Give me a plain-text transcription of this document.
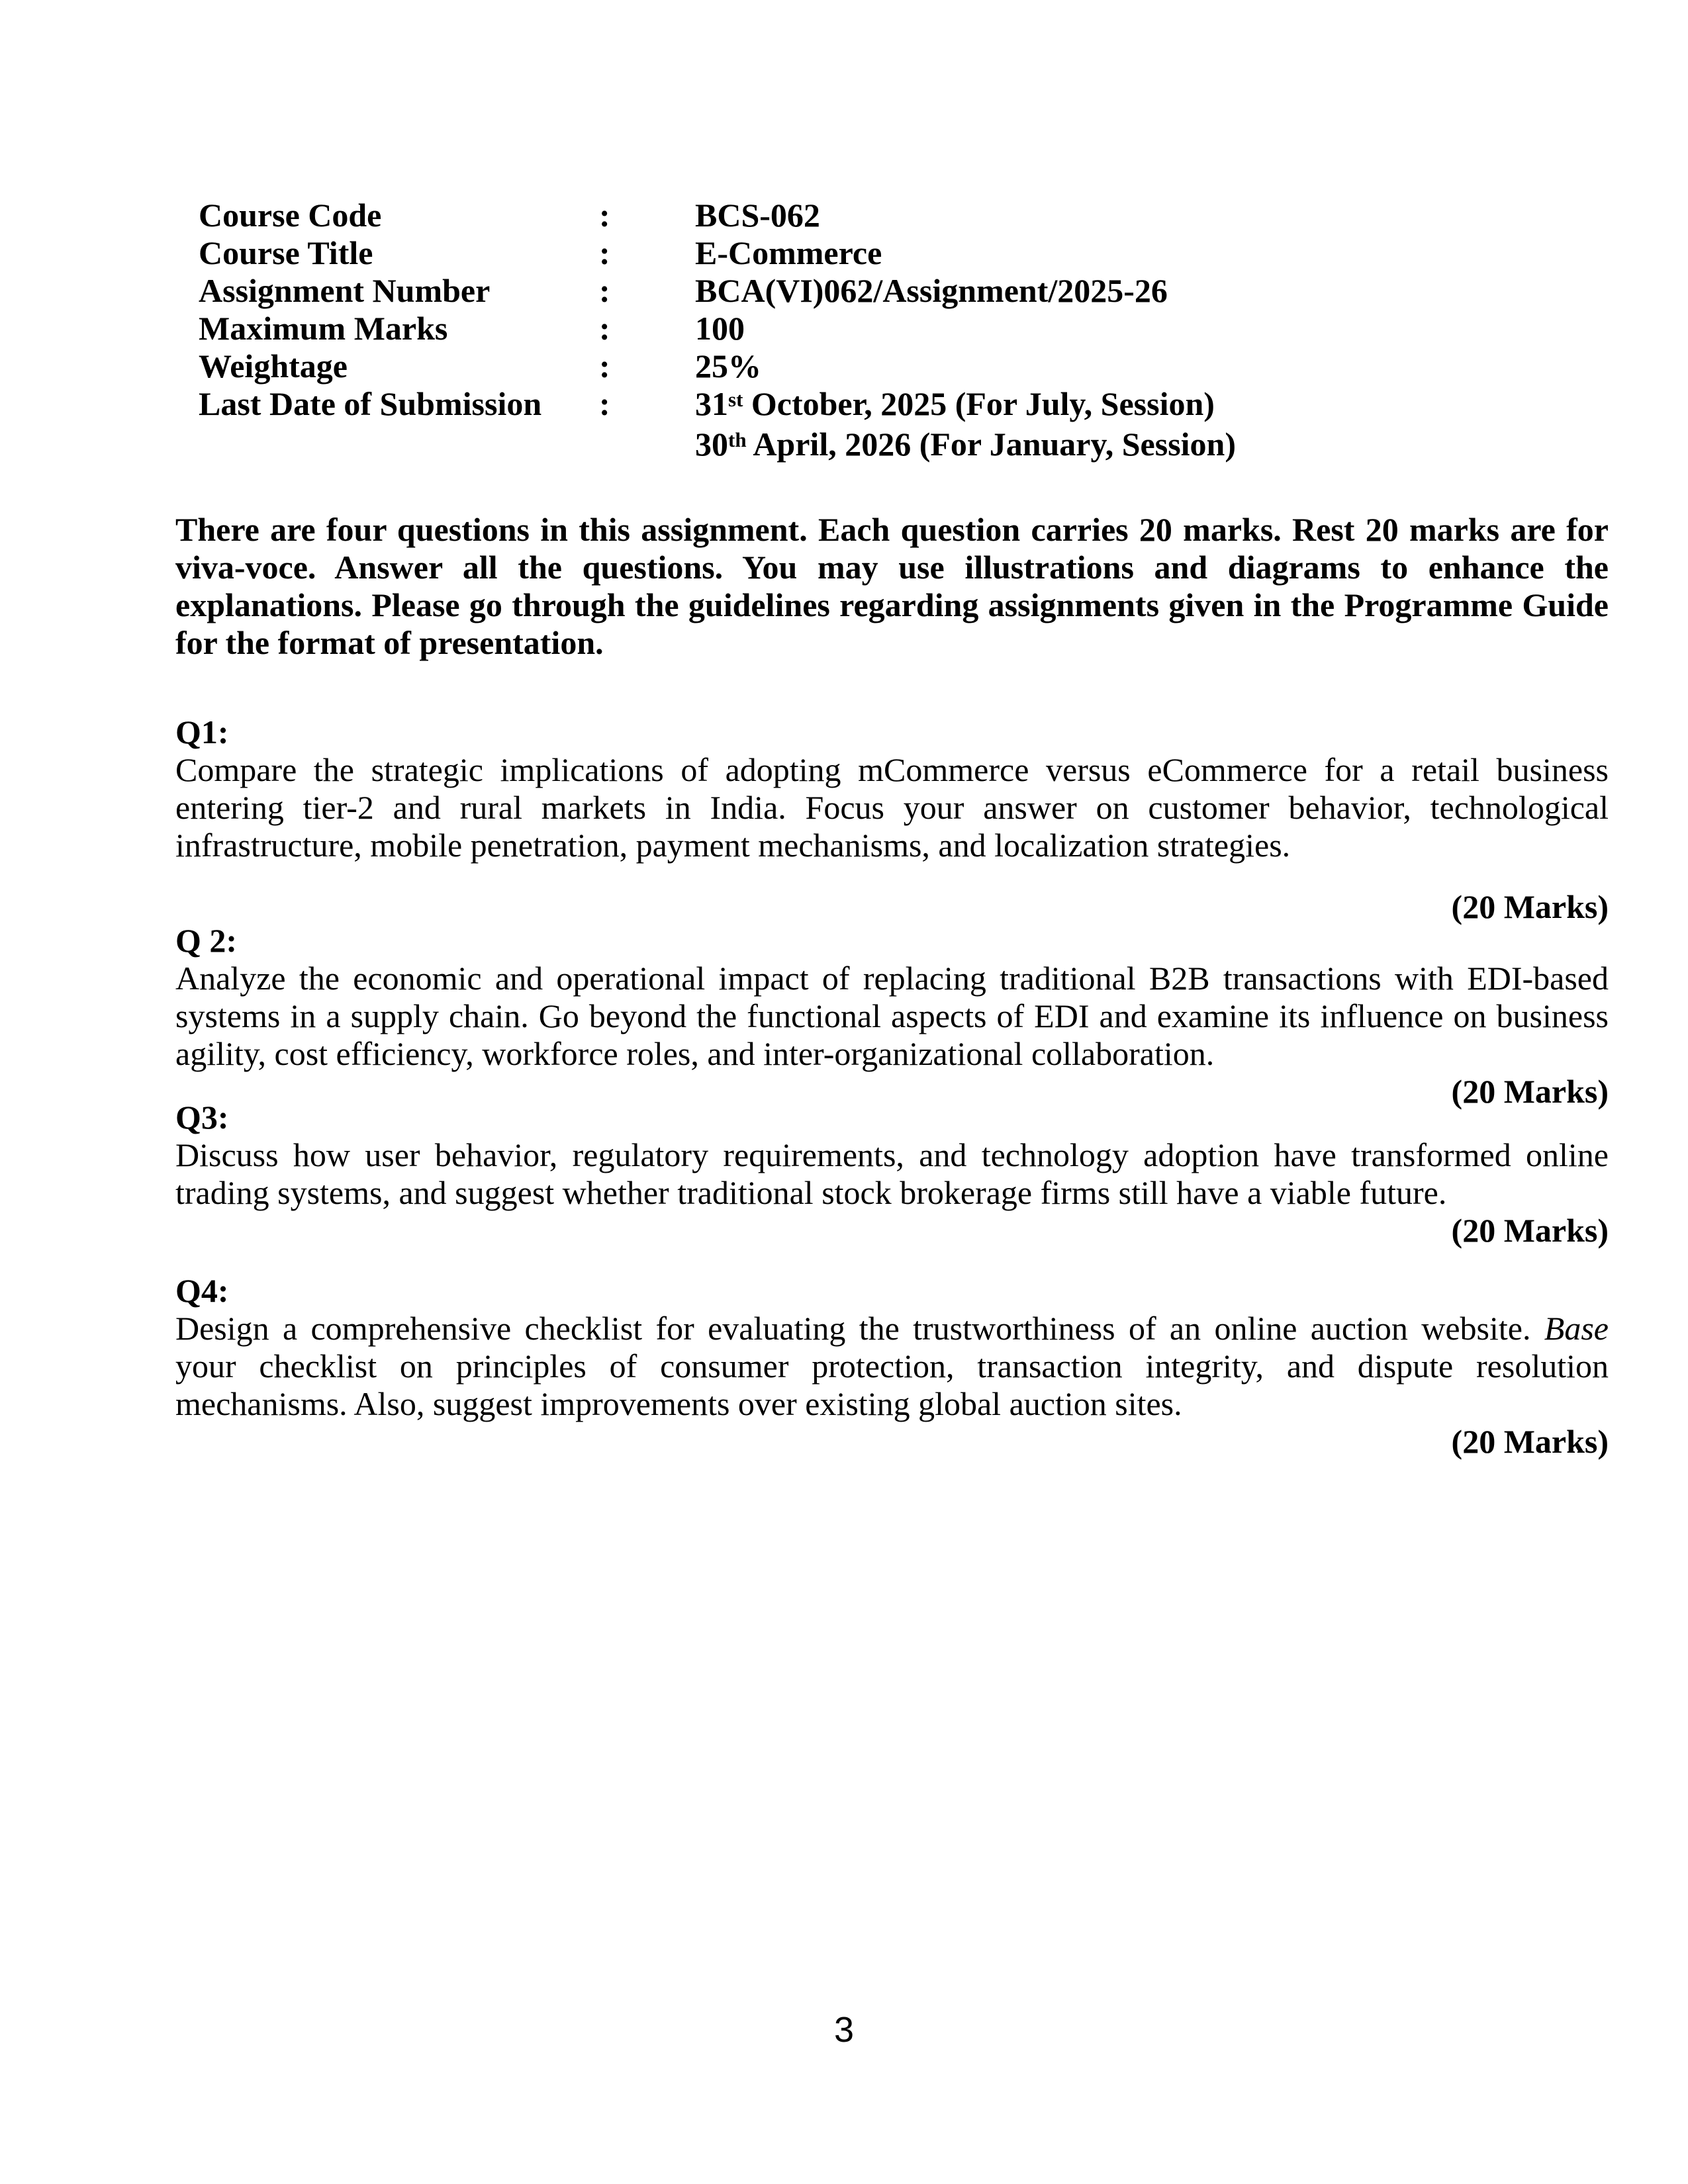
Course Code	:	BCS-062
Course Title	:	E-Commerce
Assignment Number	:	BCA(VI)062/Assignment/2025-26
Maximum Marks	:	100
Weightage	:	25%
Last Date of Submission	:	31st October, 2025 (For July, Session)
30th April, 2026 (For January, Session)
There are four questions in this assignment. Each question carries 20 marks. Rest 20 marks are for viva-voce. Answer all the questions. You may use illustrations and diagrams to enhance the explanations. Please go through the guidelines regarding assignments given in the Programme Guide for the format of presentation.
Q1:
Compare the strategic implications of adopting mCommerce versus eCommerce for a retail business entering tier-2 and rural markets in India. Focus your answer on customer behavior, technological infrastructure, mobile penetration, payment mechanisms, and localization strategies.
(20 Marks)
Q 2:
Analyze the economic and operational impact of replacing traditional B2B transactions with EDI-based systems in a supply chain. Go beyond the functional aspects of EDI and examine its influence on business agility, cost efficiency, workforce roles, and inter-organizational collaboration.
(20 Marks)
Q3:
Discuss how user behavior, regulatory requirements, and technology adoption have transformed online trading systems, and suggest whether traditional stock brokerage firms still have a viable future.
(20 Marks)
Q4:
Design a comprehensive checklist for evaluating the trustworthiness of an online auction website. Base your checklist on principles of consumer protection, transaction integrity, and dispute resolution mechanisms. Also, suggest improvements over existing global auction sites.
(20 Marks)
3
